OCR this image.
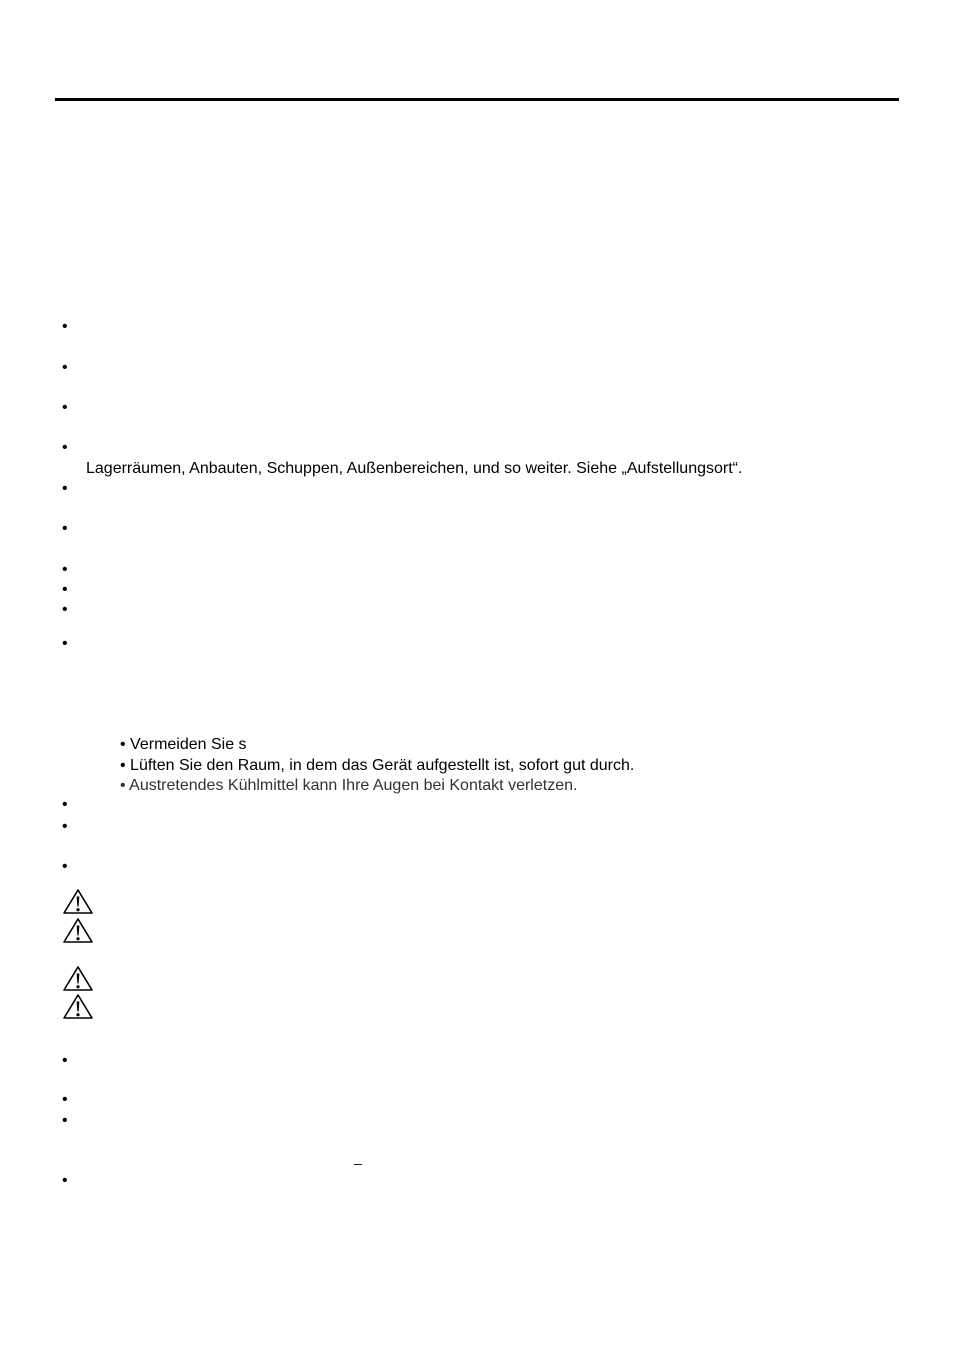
•
•
•
•
Lagerräumen, Anbauten, Schuppen, Außenbereichen, und so weiter. Siehe „Aufstellungsort“.
•
•
•
•
•
•
• Vermeiden Sie s
• Lüften Sie den Raum, in dem das Gerät aufgestellt ist, sofort gut durch.
• Austretendes Kühlmittel kann Ihre Augen bei Kontakt verletzen.
•
•
•
•
•
•
_
•
